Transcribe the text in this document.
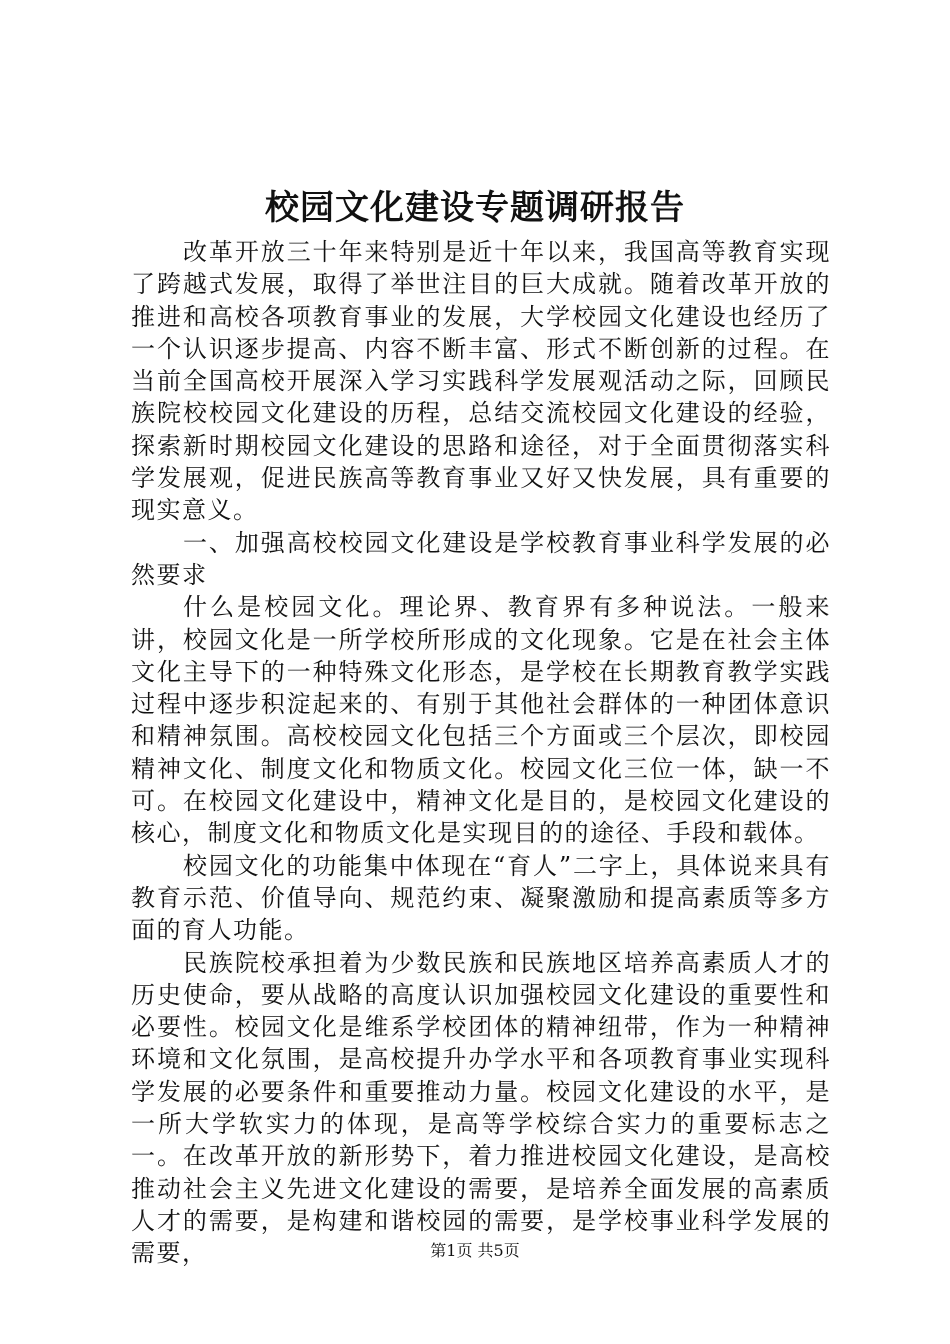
校园文化建设专题调研报告

改革开放三十年来特别是近十年以来，我国高等教育实现了跨越式发展，取得了举世注目的巨大成就。随着改革开放的推进和高校各项教育事业的发展，大学校园文化建设也经历了一个认识逐步提高、内容不断丰富、形式不断创新的过程。在当前全国高校开展深入学习实践科学发展观活动之际，回顾民族院校校园文化建设的历程，总结交流校园文化建设的经验，探索新时期校园文化建设的思路和途径，对于全面贯彻落实科学发展观，促进民族高等教育事业又好又快发展，具有重要的现实意义。

一、加强高校校园文化建设是学校教育事业科学发展的必然要求

什么是校园文化。理论界、教育界有多种说法。一般来讲，校园文化是一所学校所形成的文化现象。它是在社会主体文化主导下的一种特殊文化形态，是学校在长期教育教学实践过程中逐步积淀起来的、有别于其他社会群体的一种团体意识和精神氛围。高校校园文化包括三个方面或三个层次，即校园精神文化、制度文化和物质文化。校园文化三位一体，缺一不可。在校园文化建设中，精神文化是目的，是校园文化建设的核心，制度文化和物质文化是实现目的的途径、手段和载体。

校园文化的功能集中体现在“育人”二字上，具体说来具有教育示范、价值导向、规范约束、凝聚激励和提高素质等多方面的育人功能。

民族院校承担着为少数民族和民族地区培养高素质人才的历史使命，要从战略的高度认识加强校园文化建设的重要性和必要性。校园文化是维系学校团体的精神纽带，作为一种精神环境和文化氛围，是高校提升办学水平和各项教育事业实现科学发展的必要条件和重要推动力量。校园文化建设的水平，是一所大学软实力的体现，是高等学校综合实力的重要标志之一。在改革开放的新形势下，着力推进校园文化建设，是高校推动社会主义先进文化建设的需要，是培养全面发展的高素质人才的需要，是构建和谐校园的需要，是学校事业科学发展的需要，	第1页 共5页
